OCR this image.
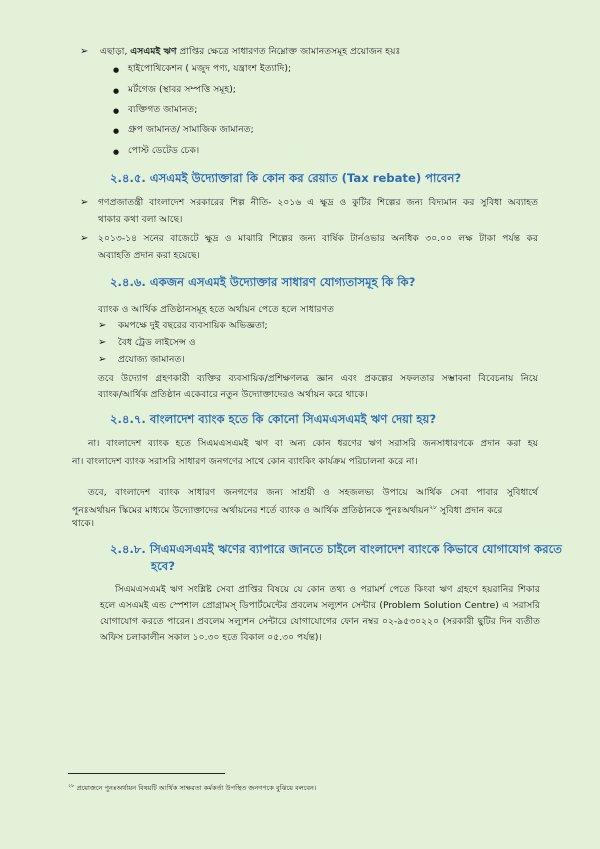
➢ এছাড়া, এসএমই ঋণ প্রাপ্তির ক্ষেত্রে সাধারণত নিম্নোক্ত জামানতসমূহ প্রয়োজন হয়ঃ
● হাইপোথিকেশন ( মজুদ পণ্য, যন্ত্রাংশ ইত্যাদি);
● মর্টগেজ (স্থাবর সম্পত্তি সমূহ);
● ব্যক্তিগত জামানত;
● গ্রুপ জামানত/ সামাজিক জামানত;
● পোস্ট ডেটেড চেক।
২.৪.৫. এসএমই উদ্যোক্তারা কি কোন কর রেয়াত (Tax rebate) পাবেন?
➢ গণপ্রজাতন্ত্রী বাংলাদেশ সরকারের শিল্প নীতি- ২০১৬ এ ক্ষুদ্র ও কুটির শিল্পের জন্য বিদ্যমান কর সুবিধা অব্যাহত
থাকার কথা বলা আছে।
➢ ২০১৩-১৪ সনের বাজেটে ক্ষুদ্র ও মাঝারি শিল্পের জন্য বার্ষিক টার্নওভার অনধিক ৩০.০০ লক্ষ টাকা পর্যন্ত কর
অব্যাহতি প্রদান করা হয়েছে।
২.৪.৬. একজন এসএমই উদ্যোক্তার সাধারণ যোগ্যতাসমূহ কি কি?
ব্যাংক ও আর্থিক প্রতিষ্ঠানসমূহ হতে অর্থায়ন পেতে হলে সাধারণত
➢ কমপক্ষে দুই বছরের ব্যবসায়িক অভিজ্ঞতা;
➢ বৈধ ট্রেড লাইসেন্স ও
➢ প্রযোজ্য জামানত।
তবে উদ্যোগ গ্রহণকারী ব্যক্তির ব্যবসায়িক/প্রশিক্ষণলব্ধ জ্ঞান এবং প্রকল্পের সফলতার সম্ভাবনা বিবেচনায় নিয়ে
ব্যাংক/আর্থিক প্রতিষ্ঠান একেবারে নতুন উদ্যোক্তাদেরও অর্থায়ন করে থাকে।
২.৪.৭. বাংলাদেশ ব্যাংক হতে কি কোনো সিএমএসএমই ঋণ দেয়া হয়?
না। বাংলাদেশ ব্যাংক হতে সিএমএসএমই ঋণ বা অন্য কোন ধরণের ঋণ সরাসরি জনসাধারণকে প্রদান করা হয়
না। বাংলাদেশ ব্যাংক সরাসরি সাধারণ জনগণের সাথে কোন ব্যাংকিং কার্যক্রম পরিচালনা করে না।
তবে, বাংলাদেশ ব্যাংক সাধারণ জনগণের জন্য সাশ্রয়ী ও সহজলভ্য উপায়ে আর্থিক সেবা পাবার সুবিধার্থে
পুনঃঅর্থায়ন স্কিমের মাধ্যমে উদ্যোক্তাদের অর্থায়নের শর্তে ব্যাংক ও আর্থিক প্রতিষ্ঠানকে পুনঃঅর্থায়ন$^{২৮}$ সুবিধা প্রদান করে
থাকে।
২.৪.৮. সিএমএসএমই ঋণের ব্যাপারে জানতে চাইলে বাংলাদেশ ব্যাংকে কিভাবে যোগাযোগ করতে
হবে?
সিএমএসএমই ঋণ সংশ্লিষ্ট সেবা প্রাপ্তির বিষয়ে যে কোন তথ্য ও পরামর্শ পেতে কিংবা ঋণ গ্রহণে হয়রানির শিকার
হলে এসএমই এন্ড স্পেশাল প্রোগ্রামস্ ডিপার্টমেন্টের প্রবলেম সল্যুশন সেন্টার (Problem Solution Centre) এ সরাসরি
যোগাযোগ করতে পারেন। প্রবলেম সল্যুশন সেন্টারে যোগাযোগের ফোন নম্বর ০২-৯৫৩০২২০ (সরকারী ছুটির দিন ব্যতীত
অফিস চলাকালীন সকাল ১০.৩০ হতে বিকাল ০৫.৩০ পর্যন্ত)।
$^{২৮}$ প্রয়োজনে পুনঃঅর্থায়ন বিষয়টি আর্থিক সাক্ষরতা কর্মকর্তা উপস্থিত জনগণকে বুঝিয়ে বলবেন।
